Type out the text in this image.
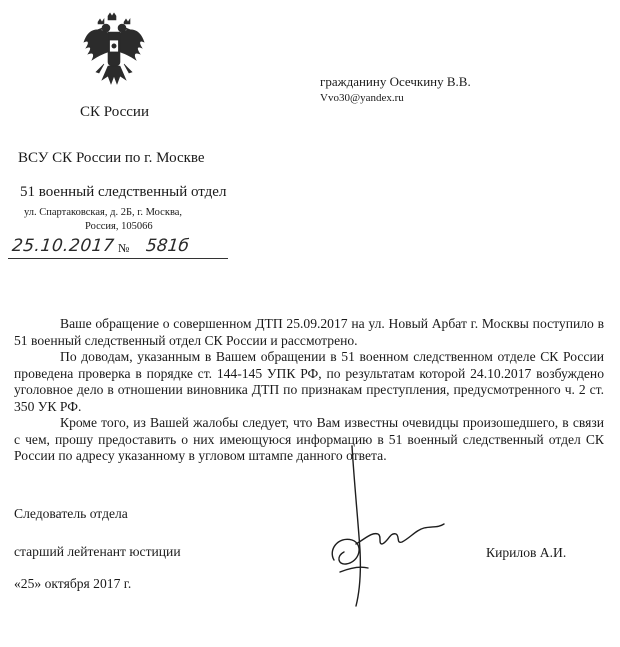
СК России
ВСУ СК России по г. Москве
51 военный следственный отдел
ул. Спартаковская, д. 2Б, г. Москва,
Россия, 105066
25.10.2017 № 581б
гражданину Осечкину В.В.
Vvo30@yandex.ru

Ваше обращение о совершенном ДТП 25.09.2017 на ул. Новый Арбат г. Москвы поступило в 51 военный следственный отдел СК России и рассмотрено.

По доводам, указанным в Вашем обращении в 51 военном следственном отделе СК России проведена проверка в порядке ст. 144-145 УПК РФ, по результатам которой 24.10.2017 возбуждено уголовное дело в отношении виновника ДТП по признакам преступления, предусмотренного ч. 2 ст. 350 УК РФ.

Кроме того, из Вашей жалобы следует, что Вам известны очевидцы произошедшего, в связи с чем, прошу предоставить о них имеющуюся информацию в 51 военный следственный отдел СК России по адресу указанному в угловом штампе данного ответа.

Следователь отдела
старший лейтенант юстиции	Кирилов А.И.
«25» октября 2017 г.
